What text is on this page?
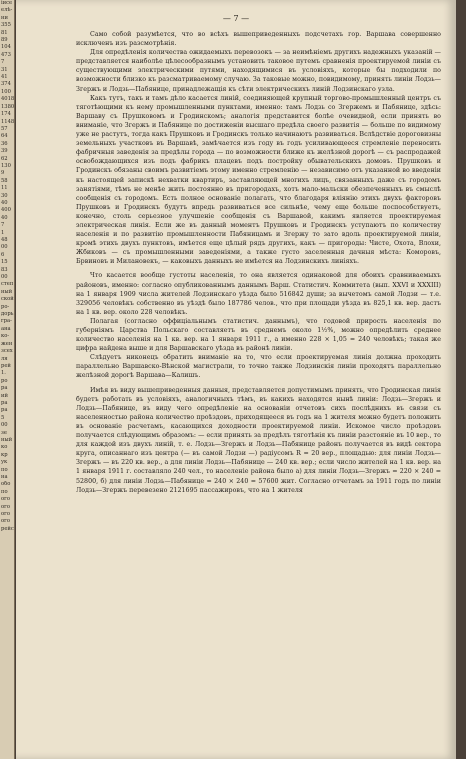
іисе
елѣ-
ни
355
81
89
104
473
7
31
41
374
100
4018
1380
174
1148
57
64
36
39
62
130
9
58
11
30
40
400
40
7
1
48
00
6
15
83
00
степ
ный
ской
ро-
дорь
гра-
ана
ко-
жен
зсех
ля
рей
1.
ро
ра
ий
ра
ра
5
00
зе
ный
ко
кр
ук
по
на
обо
по
ого
ого
ого
ого
рейс
— 7 —

Само собой разумѣется, что во всѣхъ вышеприведенныхъ подсчетахъ гор. Варшава совершенно исключенъ изъ разсмотрѣнія.

Для опредѣленія количества ожидаемыхъ перевозокъ — за неимѣніемъ другихъ надежныхъ указаній — представляется наиболѣе цѣлесообразнымъ установить таковое путемъ сравненія проектируемой линіи съ существующими электрическими путями, находящимися въ условіяхъ, которые бы подходили по возможности близко къ разсматриваемому случаю. За таковые можно, повидимому, принять линіи Лодзь—Згержъ и Лодзь—Пабянице, принадлежащія къ сѣти электрическихъ линій Лодзинскаго узла.

Какъ тутъ, такъ и тамъ дѣло касается линій, соединяющей крупный торгово-промышленный центръ съ тяготѣющими къ нему промышленными пунктами, именно: тамъ Лодзь со Згержемъ и Пабянице, здѣсь: Варшаву съ Прушковомъ и Гродинскомъ; аналогія представится болѣе очевидной, если принять во вниманіе, что Згержъ и Пабянице по достиженіи высшаго предѣла своего развитія — больше по видимому уже не растутъ, тогда какъ Прушковъ и Гродинскъ только начинаютъ развиваться. Вслѣдствіе дороговизны земельныхъ участковъ въ Варшавѣ, замѣчается изъ году въ годъ усиливающееся стремленіе переносить фабричныя заведенія за предѣлы города — по возможности ближе къ желѣзной дорогѣ — съ распродажей освобождающихся изъ подъ фабрикъ плацевъ подъ постройку обывательскихъ домовъ. Прушковъ и Гродинскъ обязаны своимъ развитіемъ этому именно стремленію — независимо отъ указанной во введеніи къ настоящей запискѣ нехватки квартиръ, заставляющей многихъ лицъ, связанныхъ даже съ городомъ занятіями, тѣмъ не менѣе жить постоянно въ пригородахъ, хотъ мало-мальски обезпеченныхъ въ смыслѣ сообщенія съ городомъ. Есть полное основаніе полагать, что благодаря вліянію этихъ двухъ факторовъ Прушковъ и Гродинскъ будутъ впредь развиваться все сильнѣе, чему еще больше поспособствуетъ, конечно, столь серьезное улучшеніе сообщенія съ Варшавой, какимъ является проектируемая электрическая линія. Если же въ данный моментъ Прушковъ и Гродинскъ уступаютъ по количеству населенія и по развитію промышленности Пабяницамъ и Згержу то зато вдоль проектируемой линіи, кромѣ этихъ двухъ пунктовъ, имѣется еще цѣлый рядъ другихъ, какъ — пригороды: Чисте, Охота, Влохи, Жбиковъ — съ промышленными заведеніями, а также густо заселенныя дачныя мѣста: Коморовъ, Брвиновъ и Милановекъ, — каковыхъ данныхъ не имѣется на Лодзинскихъ линіяхъ.

Что касается вообще густоты населенія, то она является одинаковой для обоихъ сравниваемыхъ районовъ, именно: согласно опубликованнымъ даннымъ Варш. Статистич. Коммитета (вып. XXVI и XXXIII) на 1 января 1909 числа жителей Лодзинскаго уѣзда было 516842 души; за вычетомъ самой Лодзи — т.е. 329056 человѣкъ собственно въ уѣздѣ было 187786 челов., что при площади уѣзда въ 825,1 кв. вер. дастъ на 1 кв. вер. около 228 человѣкъ.

Полагая (согласно оффиціальнымъ статистич. даннымъ), что годовой прирость населенія по губерніямъ Царства Польскаго составляетъ въ среднемъ около 1½%, можно опредѣлить среднее количество населенія на 1 кв. вер. на 1 января 1911 г., а именно 228 × 1,05 = 240 человѣкъ; такая же цифра найдена выше и для Варшавскаго уѣзда въ районѣ линіи.

Слѣдуетъ никонецъ обратить вниманіе на то, что если проектируемая линія должна проходить параллельно Варшавско-Вѣнской магистрали, то точно также Лодзинскія линіи проходятъ параллельно желѣзной дорогѣ Варшава—Калишъ.

Имѣя въ виду вышеприведенныя данныя, представляется допустимымъ принять, что Гродинская линія будетъ работать въ условіяхъ, аналогичныхъ тѣмъ, въ какихъ находятся нынѣ линіи: Лодзь—Згержъ и Лодзь—Пабянице, въ виду чего опредѣленіе на основаніи отчетовъ сихъ послѣднихъ въ связи съ населенностью района количество проѣздовъ, приходящееся въ годъ на 1 жителя можно будетъ положить въ основаніе расчетамъ, касающихся доходности проектируемой линіи. Искомое число проѣздовъ получается слѣдующимъ образомъ: — если принять за предѣлъ тяготѣнія къ линіи разстояніе въ 10 вер., то для каждой изъ двухъ линій, т. е. Лодзь—Згержъ и Лодзь—Пабянице районъ получается въ видѣ сектора круга, описаннаго изъ центра (— въ самой Лодзи —) радіусомъ R = 20 вер., площадью: для линіи Лодзь—Згержъ — въ 220 кв. вер., а для линіи Лодзь—Пабянице — 240 кв. вер.; если число жителей на 1 кв. вер. на 1 января 1911 г. составляло 240 чел., то населеніе района было а) для линіи Лодзь—Згержъ = 220 × 240 = 52800, б) для линіи Лодзь—Пабянице = 240 × 240 = 57600 жит. Согласно отчетамъ за 1911 годъ по линіи Лодзь—Згержъ перевезено 2121695 пассажировъ, что на 1 жителя
